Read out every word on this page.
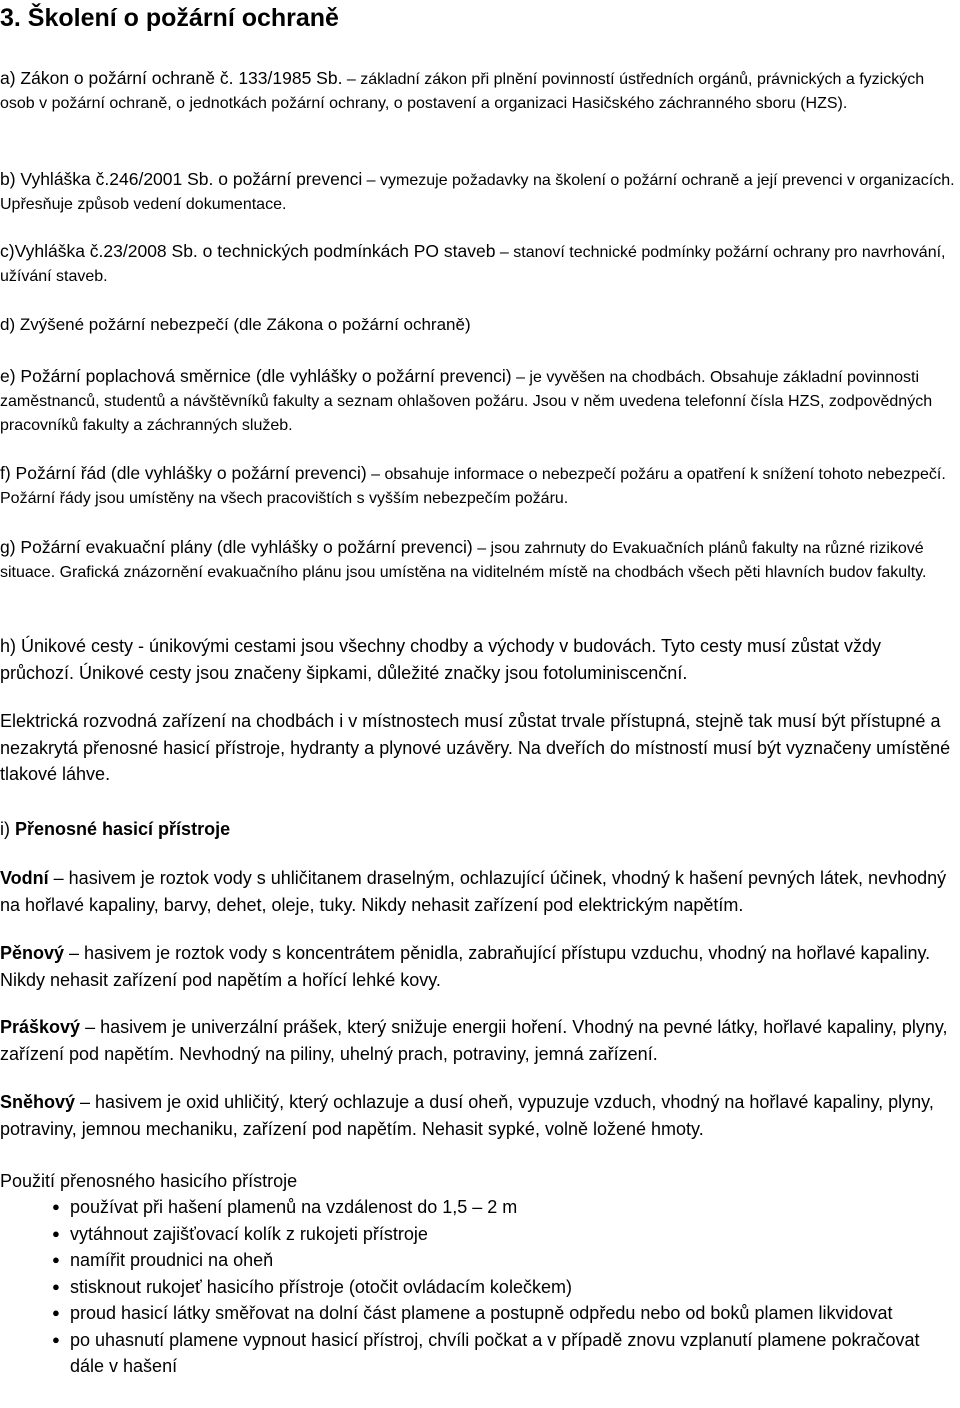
3. Školení o požární ochraně

a) Zákon o požární ochraně č. 133/1985 Sb. – základní zákon při plnění povinností ústředních orgánů, právnických a fyzických osob v požární ochraně, o jednotkách požární ochrany, o postavení a organizaci Hasičského záchranného sboru (HZS).

b) Vyhláška č.246/2001 Sb. o požární prevenci – vymezuje požadavky na školení o požární ochraně a její prevenci v organizacích. Upřesňuje způsob vedení dokumentace.

c)Vyhláška č.23/2008 Sb. o technických podmínkách PO staveb – stanoví technické podmínky požární ochrany pro navrhování, užívání staveb.

d) Zvýšené požární nebezpečí (dle Zákona o požární ochraně)

e) Požární poplachová směrnice (dle vyhlášky o požární prevenci) – je vyvěšen na chodbách. Obsahuje základní povinnosti zaměstnanců, studentů a návštěvníků fakulty a seznam ohlašoven požáru. Jsou v něm uvedena telefonní čísla HZS, zodpovědných pracovníků fakulty a záchranných služeb.

f) Požární řád (dle vyhlášky o požární prevenci) – obsahuje informace o nebezpečí požáru a opatření k snížení tohoto nebezpečí. Požární řády jsou umístěny na všech pracovištích s vyšším nebezpečím požáru.

g) Požární evakuační plány (dle vyhlášky o požární prevenci) – jsou zahrnuty do Evakuačních plánů fakulty na různé rizikové situace. Grafická znázornění evakuačního plánu jsou umístěna na viditelném místě na chodbách všech pěti hlavních budov fakulty.

h) Únikové cesty - únikovými cestami jsou všechny chodby a východy v budovách. Tyto cesty musí zůstat vždy průchozí. Únikové cesty jsou značeny šipkami, důležité značky jsou fotoluminiscenční.

Elektrická rozvodná zařízení na chodbách i v místnostech musí zůstat trvale přístupná, stejně tak musí být přístupné a nezakrytá přenosné hasicí přístroje, hydranty a plynové uzávěry. Na dveřích do místností musí být vyznačeny umístěné tlakové láhve.

i) Přenosné hasicí přístroje

Vodní – hasivem je roztok vody s uhličitanem draselným, ochlazující účinek, vhodný k hašení pevných látek, nevhodný na hořlavé kapaliny, barvy, dehet, oleje, tuky. Nikdy nehasit zařízení pod elektrickým napětím.

Pěnový – hasivem je roztok vody s koncentrátem pěnidla, zabraňující přístupu vzduchu, vhodný na hořlavé kapaliny. Nikdy nehasit zařízení pod napětím a hořící lehké kovy.

Práškový – hasivem je univerzální prášek, který snižuje energii hoření. Vhodný na pevné látky, hořlavé kapaliny, plyny, zařízení pod napětím. Nevhodný na piliny, uhelný prach, potraviny, jemná zařízení.

Sněhový – hasivem je oxid uhličitý, který ochlazuje a dusí oheň, vypuzuje vzduch, vhodný na hořlavé kapaliny, plyny, potraviny, jemnou mechaniku, zařízení pod napětím. Nehasit sypké, volně ložené hmoty.

Použití přenosného hasicího přístroje

● používat při hašení plamenů na vzdálenost do 1,5 – 2 m
● vytáhnout zajišťovací kolík z rukojeti přístroje
● namířit proudnici na oheň
● stisknout rukojeť hasicího přístroje (otočit ovládacím kolečkem)
● proud hasicí látky směřovat na dolní část plamene a postupně odpředu nebo od boků plamen likvidovat
● po uhasnutí plamene vypnout hasicí přístroj, chvíli počkat a v případě znovu vzplanutí plamene pokračovat dále v hašení
